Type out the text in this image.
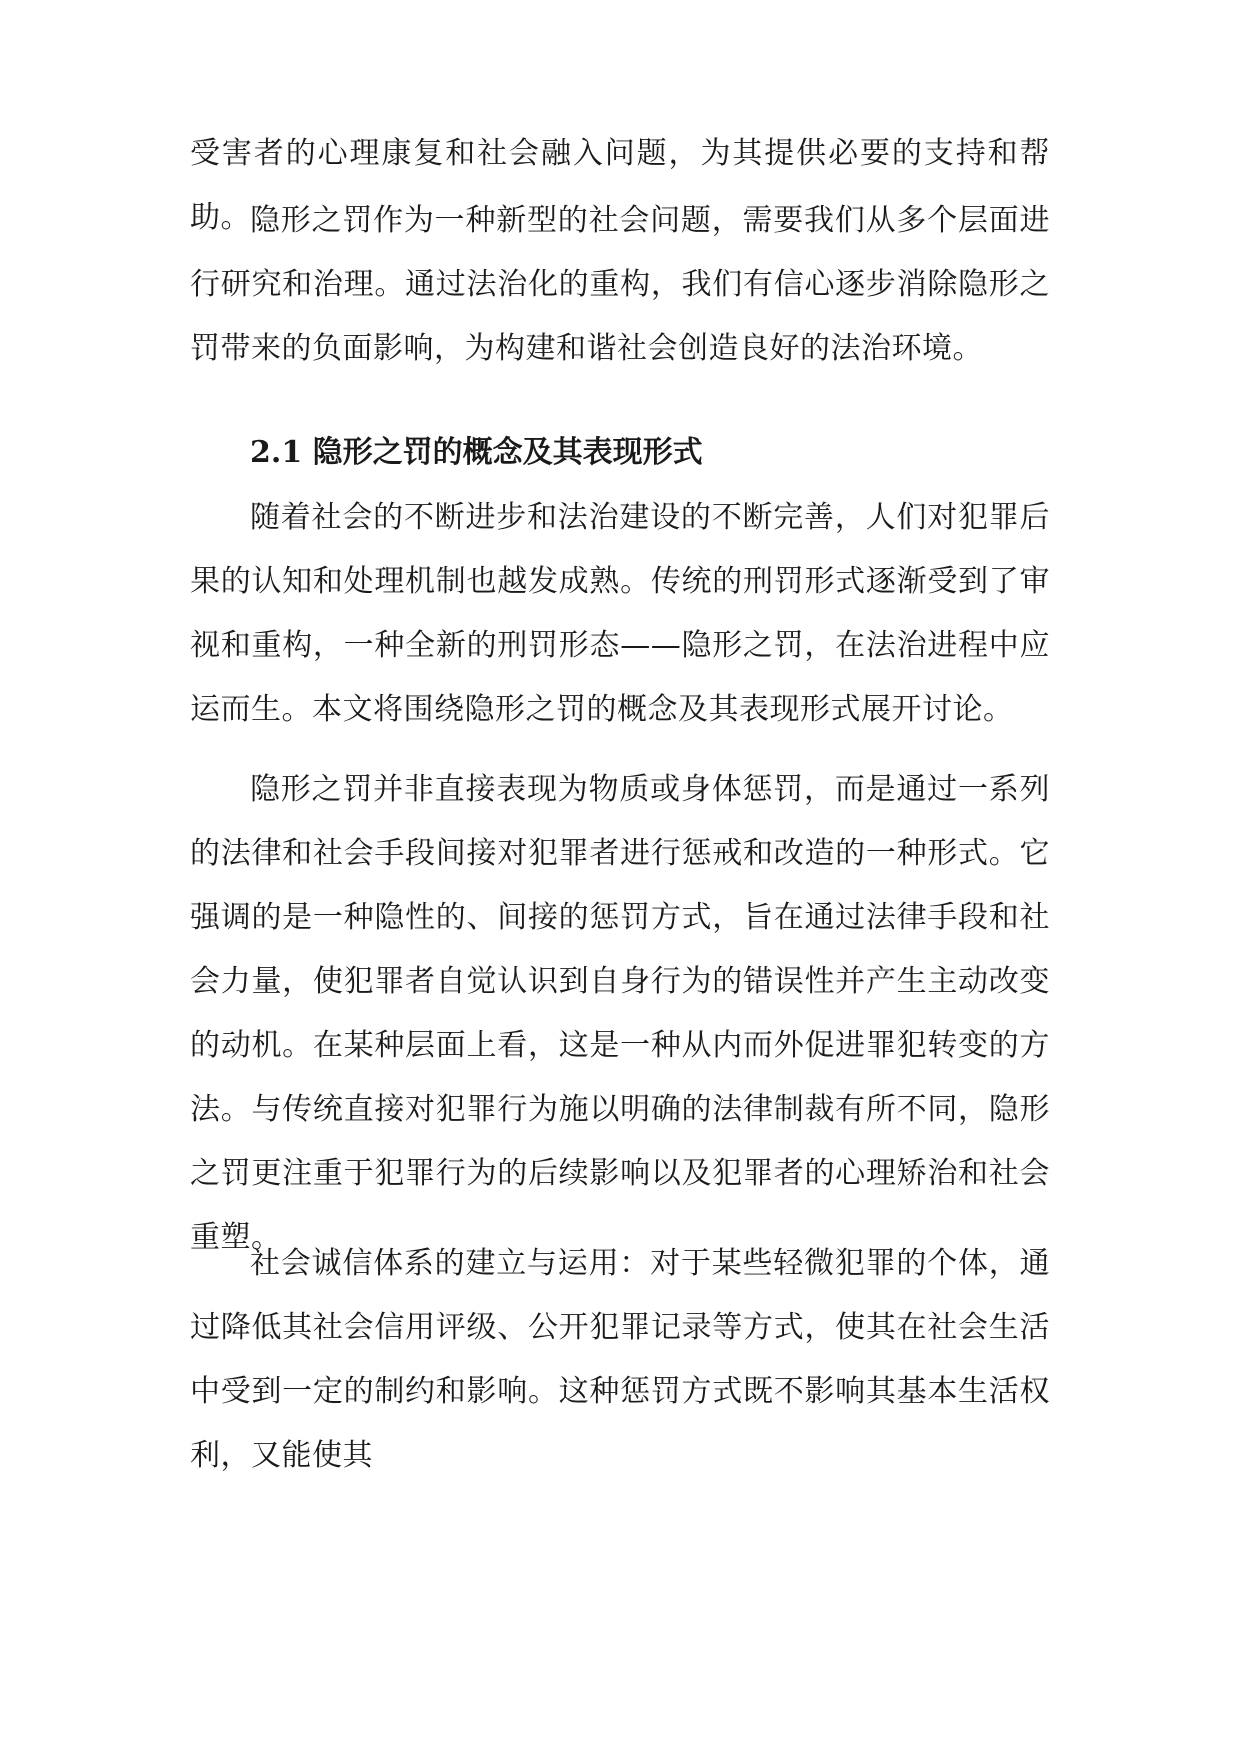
受害者的心理康复和社会融入问题，为其提供必要的支持和帮助。 隐形之罚作为一种新型的社会问题，需要我们从多个层面进行研究和治理。通过法治化的重构，我们有信心逐步消除隐形之罚带来的负面影响，为构建和谐社会创造良好的法治环境。

2.1 隐形之罚的概念及其表现形式

随着社会的不断进步和法治建设的不断完善，人们对犯罪后果的认知和处理机制也越发成熟。传统的刑罚形式逐渐受到了审视和重构，一种全新的刑罚形态——隐形之罚，在法治进程中应运而生。本文将围绕隐形之罚的概念及其表现形式展开讨论。

隐形之罚并非直接表现为物质或身体惩罚，而是通过一系列的法律和社会手段间接对犯罪者进行惩戒和改造的一种形式。它强调的是一种隐性的、间接的惩罚方式，旨在通过法律手段和社会力量，使犯罪者自觉认识到自身行为的错误性并产生主动改变的动机。在某种层面上看，这是一种从内而外促进罪犯转变的方法。与传统直接对犯罪行为施以明确的法律制裁有所不同，隐形之罚更注重于犯罪行为的后续影响以及犯罪者的心理矫治和社会重塑。

社会诚信体系的建立与运用：对于某些轻微犯罪的个体，通过降低其社会信用评级、公开犯罪记录等方式，使其在社会生活中受到一定的制约和影响。这种惩罚方式既不影响其基本生活权利，又能使其
